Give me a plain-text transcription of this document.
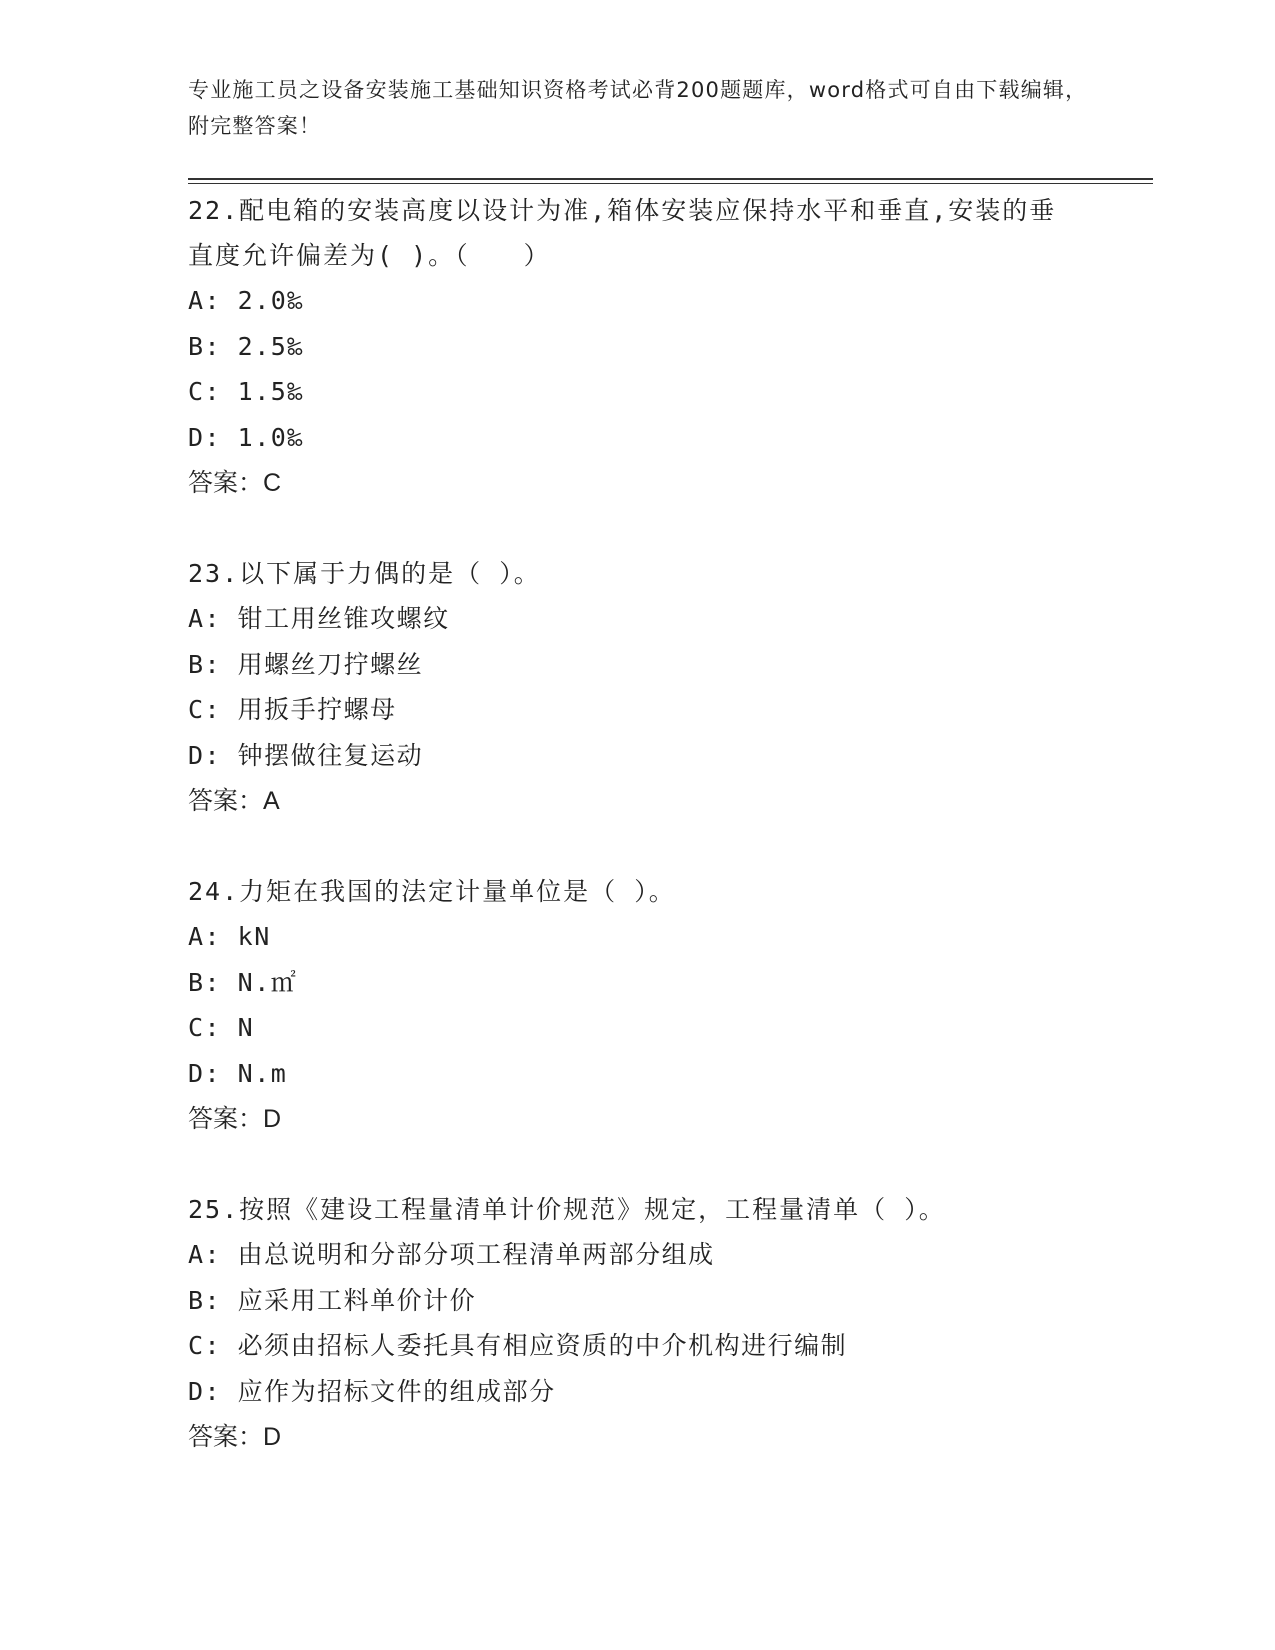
专业施工员之设备安装施工基础知识资格考试必背200题题库，word格式可自由下载编辑，附完整答案！

22.配电箱的安装高度以设计为准,箱体安装应保持水平和垂直,安装的垂直度允许偏差为( )。（　　）

A: 2.0‰

B: 2.5‰

C: 1.5‰

D: 1.0‰

答案：C

23.以下属于力偶的是（ ）。

A: 钳工用丝锥攻螺纹

B: 用螺丝刀拧螺丝

C: 用扳手拧螺母

D: 钟摆做往复运动

答案：A

24.力矩在我国的法定计量单位是（ ）。

A: kN

B: N.㎡

C: N

D: N.m

答案：D

25.按照《建设工程量清单计价规范》规定，工程量清单（ ）。

A: 由总说明和分部分项工程清单两部分组成

B: 应采用工料单价计价

C: 必须由招标人委托具有相应资质的中介机构进行编制

D: 应作为招标文件的组成部分

答案：D
